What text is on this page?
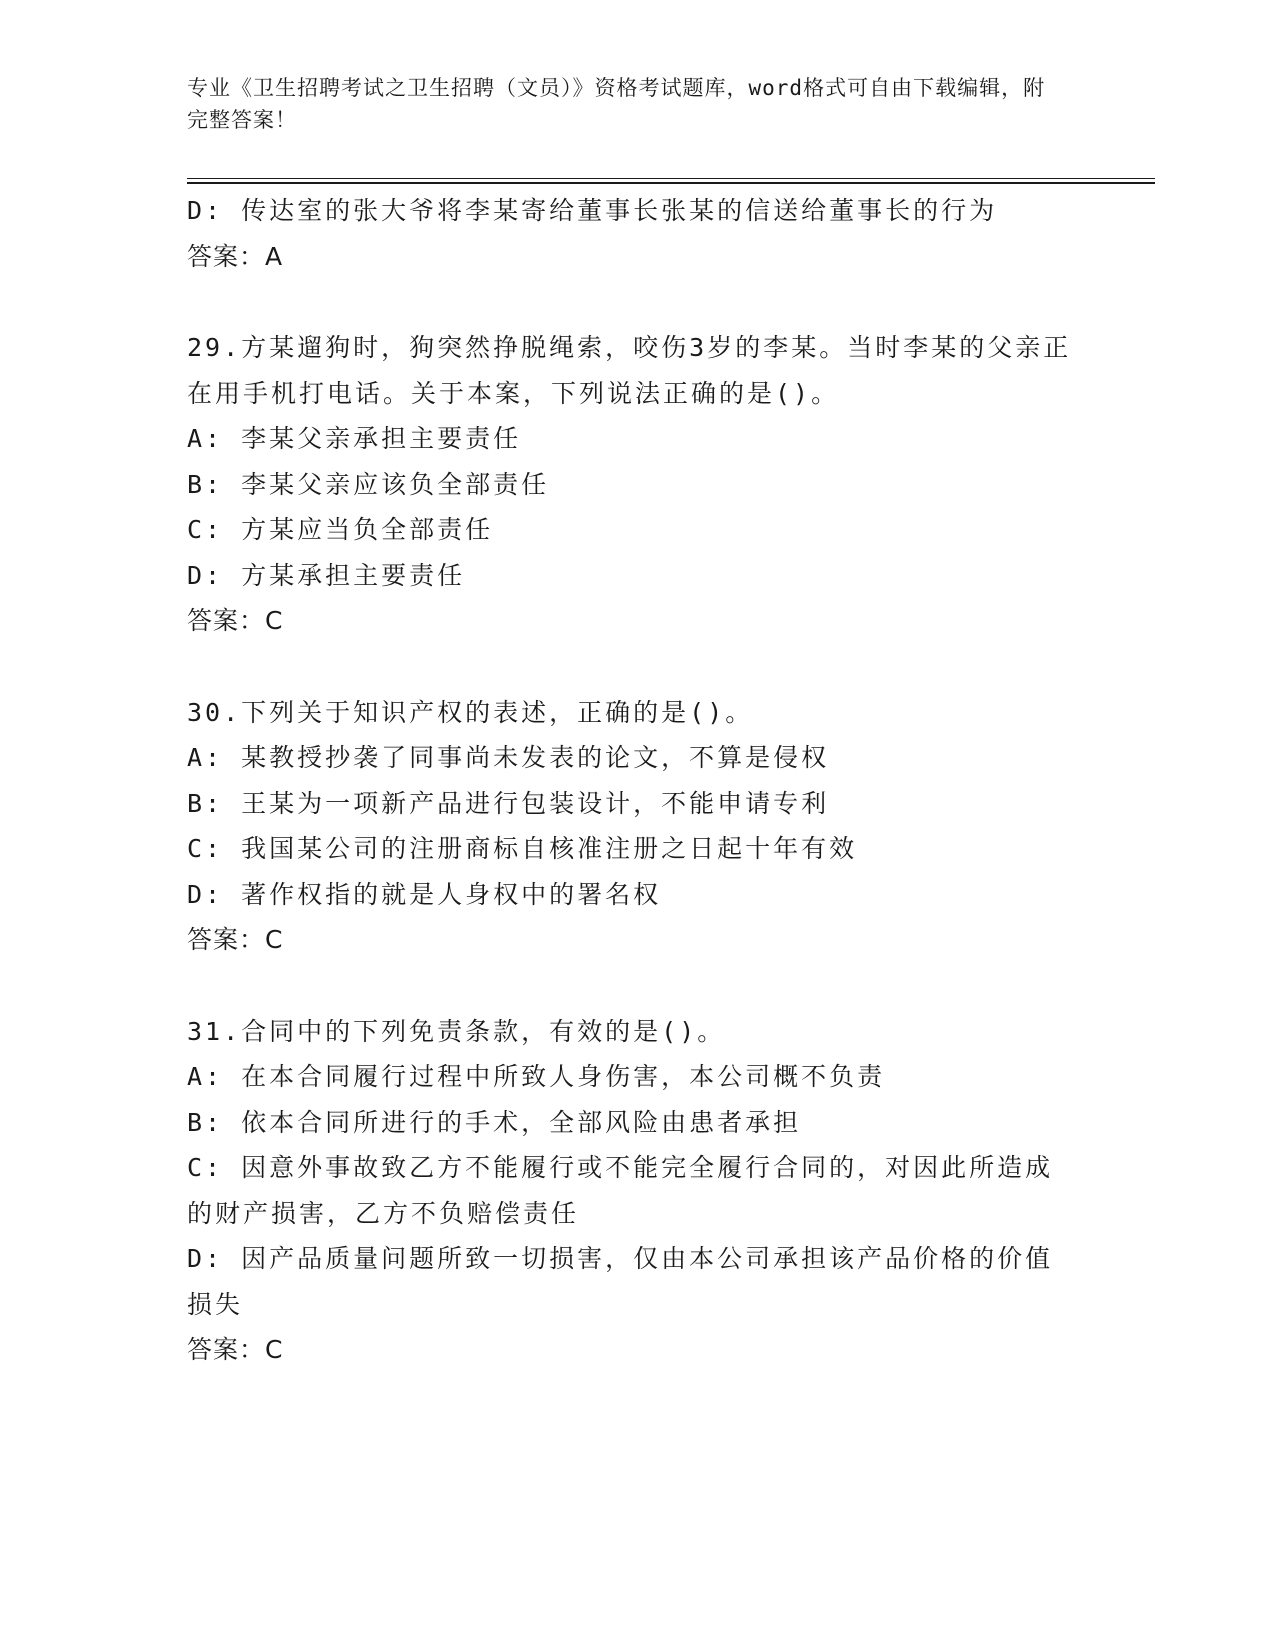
专业《卫生招聘考试之卫生招聘（文员）》资格考试题库，word格式可自由下载编辑，附完整答案！
D: 传达室的张大爷将李某寄给董事长张某的信送给董事长的行为
答案：A
29.方某遛狗时，狗突然挣脱绳索，咬伤3岁的李某。当时李某的父亲正在用手机打电话。关于本案，下列说法正确的是()。
A: 李某父亲承担主要责任
B: 李某父亲应该负全部责任
C: 方某应当负全部责任
D: 方某承担主要责任
答案：C
30.下列关于知识产权的表述，正确的是()。
A: 某教授抄袭了同事尚未发表的论文，不算是侵权
B: 王某为一项新产品进行包装设计，不能申请专利
C: 我国某公司的注册商标自核准注册之日起十年有效
D: 著作权指的就是人身权中的署名权
答案：C
31.合同中的下列免责条款，有效的是()。
A: 在本合同履行过程中所致人身伤害，本公司概不负责
B: 依本合同所进行的手术，全部风险由患者承担
C: 因意外事故致乙方不能履行或不能完全履行合同的，对因此所造成的财产损害，乙方不负赔偿责任
D: 因产品质量问题所致一切损害，仅由本公司承担该产品价格的价值损失
答案：C
